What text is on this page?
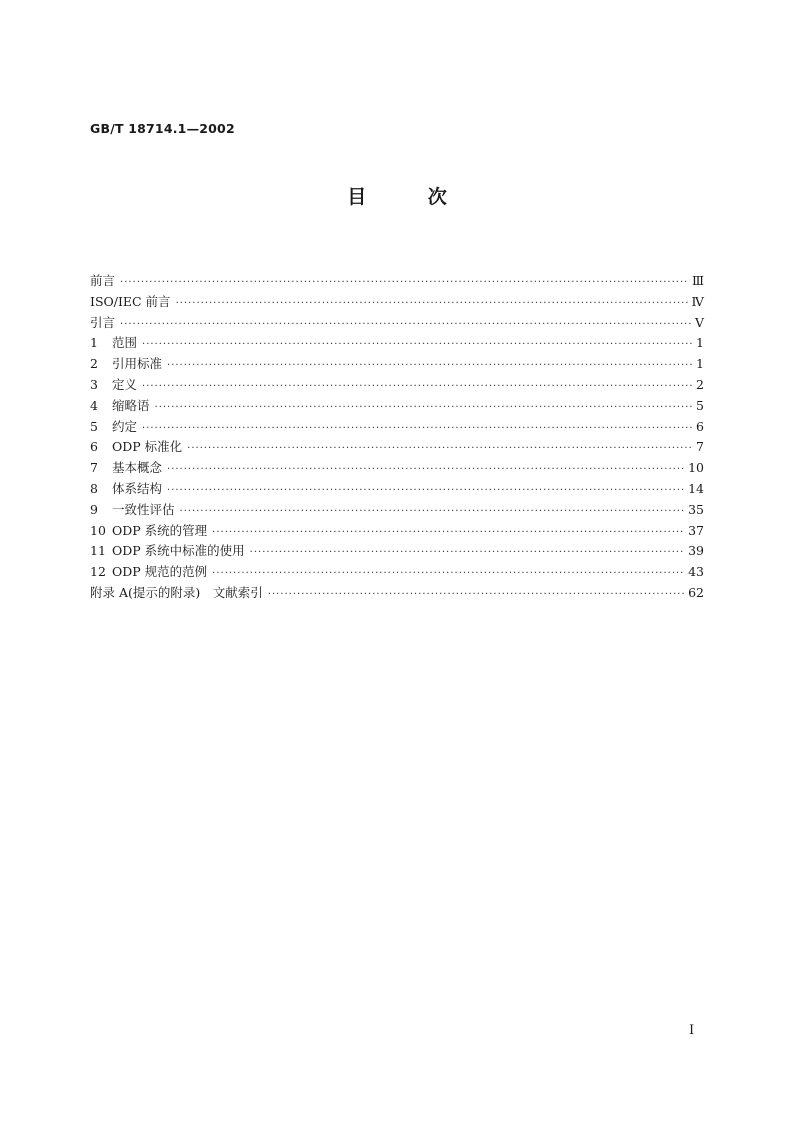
GB/T 18714.1—2002
目 次
前言 ·····	Ⅲ
ISO/IEC 前言 ·····	Ⅳ
引言 ·····	Ⅴ
1 范围 ·····	1
2 引用标准 ·····	1
3 定义 ·····	2
4 缩略语 ·····	5
5 约定 ·····	6
6 ODP 标准化 ·····	7
7 基本概念 ·····	10
8 体系结构 ·····	14
9 一致性评估 ·····	35
10 ODP 系统的管理 ·····	37
11 ODP 系统中标准的使用 ·····	39
12 ODP 规范的范例 ·····	43
附录 A(提示的附录)　文献索引 ·····	62
I
